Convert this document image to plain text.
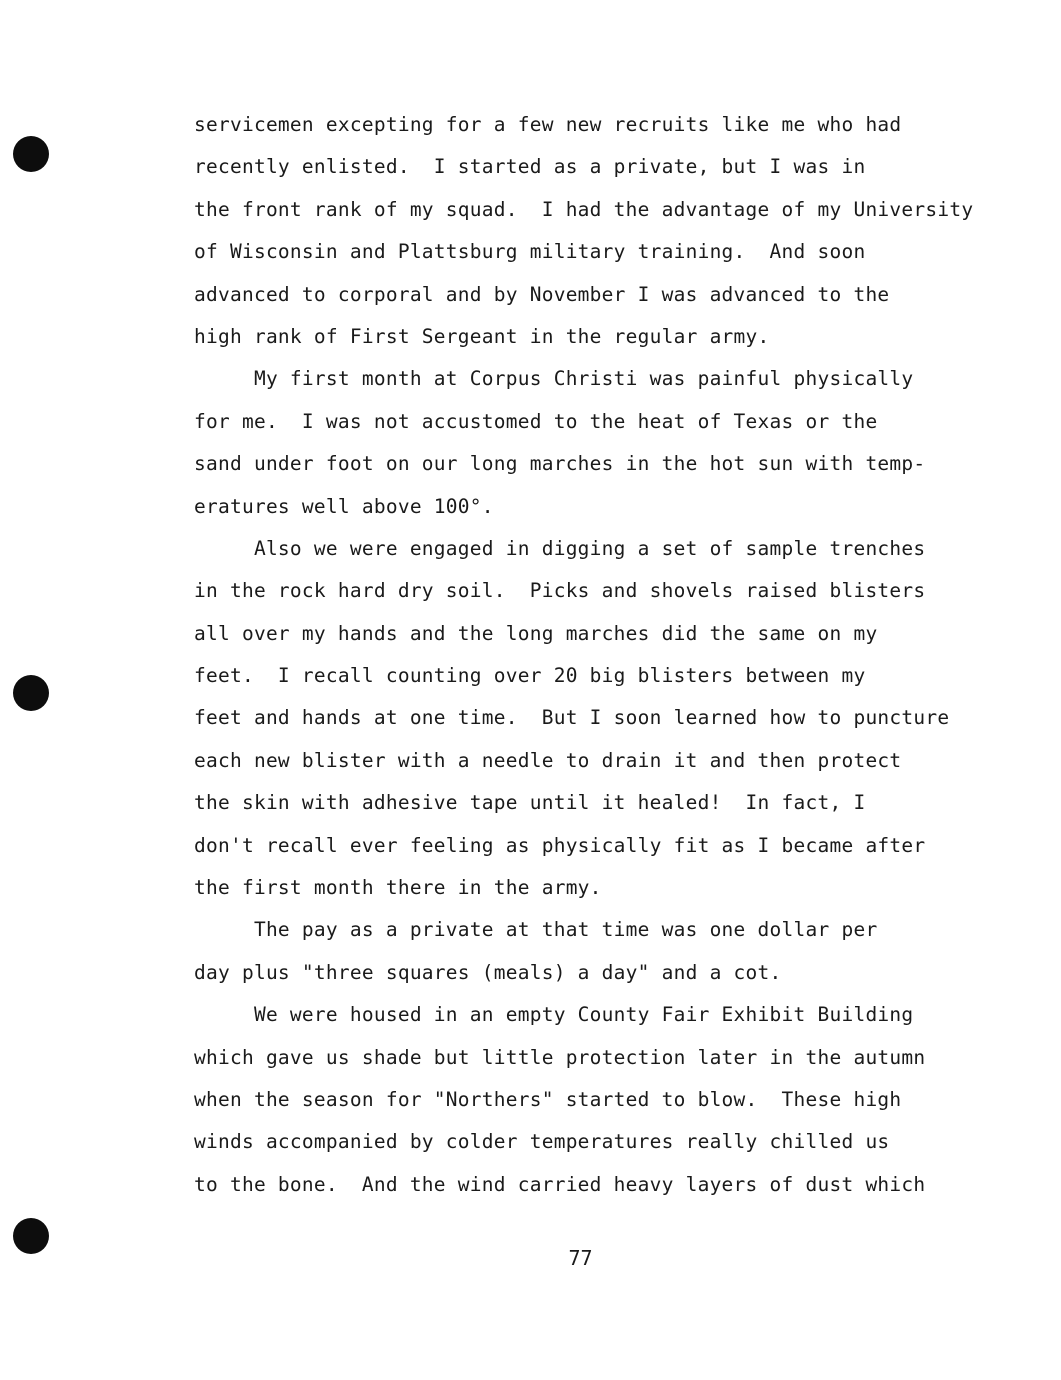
servicemen excepting for a few new recruits like me who had
recently enlisted.  I started as a private, but I was in
the front rank of my squad.  I had the advantage of my University
of Wisconsin and Plattsburg military training.  And soon
advanced to corporal and by November I was advanced to the
high rank of First Sergeant in the regular army.
My first month at Corpus Christi was painful physically
for me.  I was not accustomed to the heat of Texas or the
sand under foot on our long marches in the hot sun with temp-
eratures well above 100°.
Also we were engaged in digging a set of sample trenches
in the rock hard dry soil.  Picks and shovels raised blisters
all over my hands and the long marches did the same on my
feet.  I recall counting over 20 big blisters between my
feet and hands at one time.  But I soon learned how to puncture
each new blister with a needle to drain it and then protect
the skin with adhesive tape until it healed!  In fact, I
don't recall ever feeling as physically fit as I became after
the first month there in the army.
The pay as a private at that time was one dollar per
day plus "three squares (meals) a day" and a cot.
We were housed in an empty County Fair Exhibit Building
which gave us shade but little protection later in the autumn
when the season for "Northers" started to blow.  These high
winds accompanied by colder temperatures really chilled us
to the bone.  And the wind carried heavy layers of dust which
77
